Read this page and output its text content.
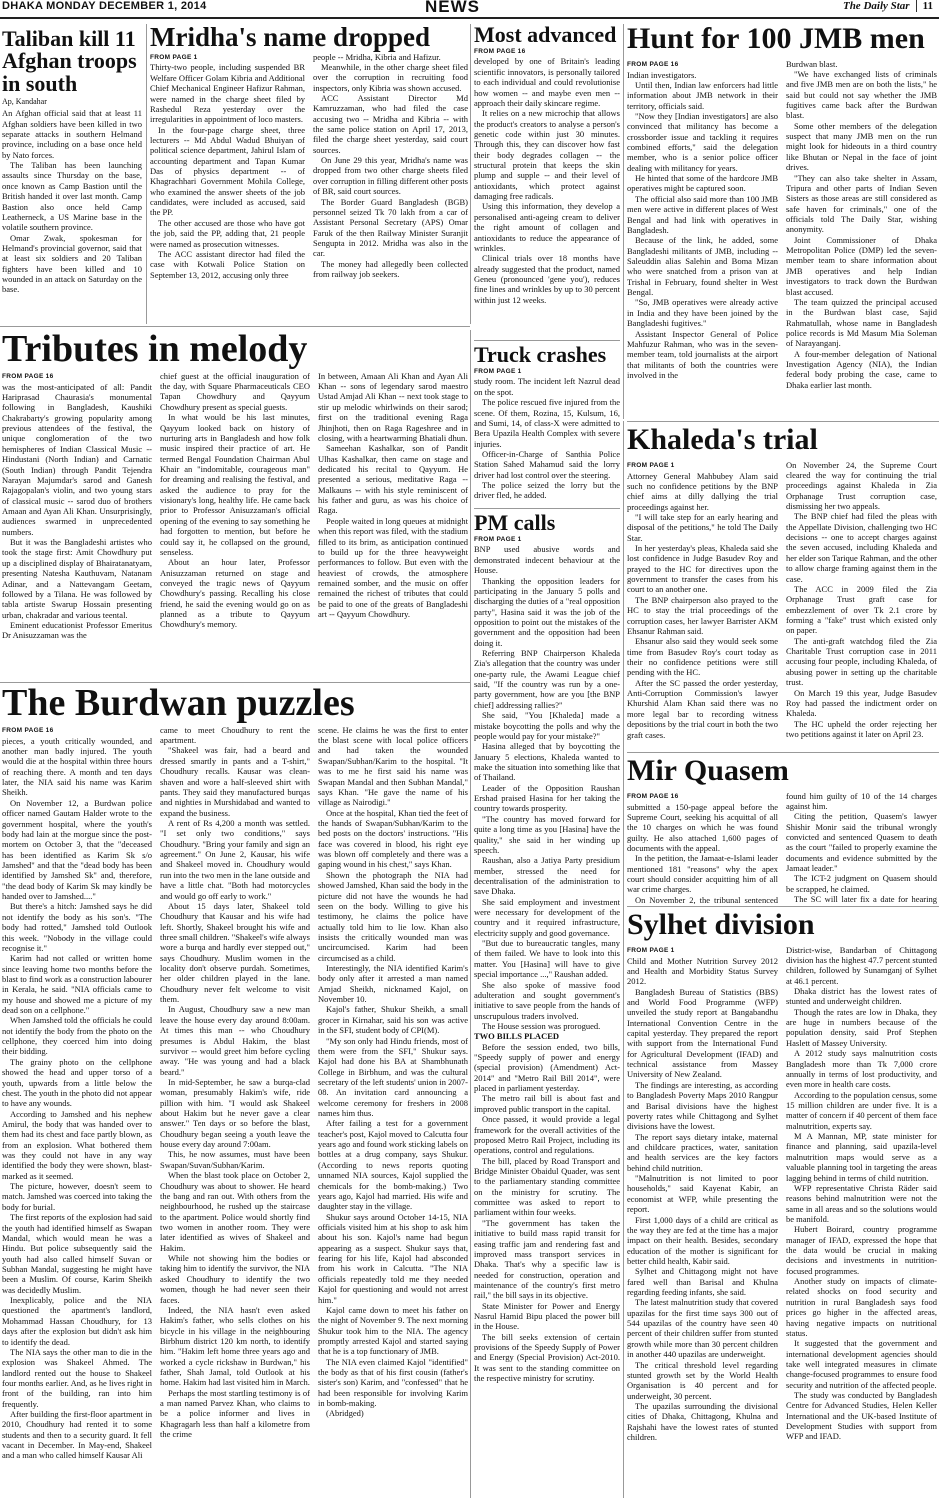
DHAKA MONDAY DECEMBER 1, 2014	NEWS	The Daily Star 11
Taliban kill 11 Afghan troops in south
Ap, Kandahar

An Afghan official said that at least 11 Afghan soldiers have been killed in two separate attacks in southern Helmand province, including on a base once held by Nato forces.

The Taliban has been launching assaults since Thursday on the base, once known as Camp Bastion until the British handed it over last month. Camp Bastion also once held Camp Leatherneck, a US Marine base in the volatile southern province.

Omar Zwak, spokesman for Helmand's provincial governor, said that at least six soldiers and 20 Taliban fighters have been killed and 10 wounded in an attack on Saturday on the base.

Mridha's name dropped
FROM PAGE 1

Thirty-two people, including suspended BR Welfare Officer Golam Kibria and Additional Chief Mechanical Engineer Hafizur Rahman, were named in the charge sheet filed by Rashedul Reza yesterday over the irregularities in appointment of loco masters.

In the four-page charge sheet, three lecturers -- Md Abdul Wadud Bhuiyan of political science department, Jahirul Islam of accounting department and Tapan Kumar Das of physics department -- of Khagrachhari Government Mohila College, who examined the answer sheets of the job candidates, were included as accused, said the PP.

The other accused are those who have got the job, said the PP, adding that, 21 people were named as prosecution witnesses.

The ACC assistant director had filed the case with Kotwali Police Station on September 13, 2012, accusing only three

people -- Mridha, Kibria and Hafizur.

Meanwhile, in the other charge sheet filed over the corruption in recruiting food inspectors, only Kibria was shown accused.

ACC Assistant Director Md Kamruzzaman, who had filed the case accusing two -- Mridha and Kibria -- with the same police station on April 17, 2013, filed the charge sheet yesterday, said court sources.

On June 29 this year, Mridha's name was dropped from two other charge sheets filed over corruption in filling different other posts of BR, said court sources.

The Border Guard Bangladesh (BGB) personnel seized Tk 70 lakh from a car of Assistant Personal Secretary (APS) Omar Faruk of the then Railway Minister Suranjit Sengupta in 2012. Mridha was also in the car.

The money had allegedly been collected from railway job seekers.

Most advanced
FROM PAGE 16

developed by one of Britain's leading scientific innovators, is personally tailored to each individual and could revolutionise how women -- and maybe even men -- approach their daily skincare regime.

It relies on a new microchip that allows the product's creators to analyse a person's genetic code within just 30 minutes. Through this, they can discover how fast their body degrades collagen -- the structural protein that keeps the skin plump and supple -- and their level of antioxidants, which protect against damaging free radicals.

Using this information, they develop a personalised anti-ageing cream to deliver the right amount of collagen and antioxidants to reduce the appearance of wrinkles.

Clinical trials over 18 months have already suggested that the product, named Geneu (pronounced 'gene you'), reduces fine lines and wrinkles by up to 30 percent within just 12 weeks.

Hunt for 100 JMB men
FROM PAGE 16

Indian investigators.

Until then, Indian law enforcers had little information about JMB network in their territory, officials said.

"Now they [Indian investigators] are also convinced that militancy has become a crossborder issue and tackling it requires combined efforts," said the delegation member, who is a senior police officer dealing with militancy for years.

He hinted that some of the hardcore JMB operatives might be captured soon.

The official also said more than 100 JMB men were active in different places of West Bengal and had link with operatives in Bangladesh.

Because of the link, he added, some Bangladeshi militants of JMB, including --Saleuddin alias Salehin and Boma Mizan who were snatched from a prison van at Trishal in February, found shelter in West Bengal.

"So, JMB operatives were already active in India and they have been joined by the Bangladeshi fugitives."

Assistant Inspector General of Police Mahfuzur Rahman, who was in the seven-member team, told journalists at the airport that militants of both the countries were involved in the

Burdwan blast.

"We have exchanged lists of criminals and five JMB men are on both the lists," he said but could not say whether the JMB fugitives came back after the Burdwan blast.

Some other members of the delegation suspect that many JMB men on the run might look for hideouts in a third country like Bhutan or Nepal in the face of joint drives.

"They can also take shelter in Assam, Tripura and other parts of Indian Seven Sisters as those areas are still considered as safe haven for criminals," one of the officials told The Daily Star, wishing anonymity.

Joint Commissioner of Dhaka Metropolitan Police (DMP) led the seven-member team to share information about JMB operatives and help Indian investigators to track down the Burdwan blast accused.

The team quizzed the principal accused in the Burdwan blast case, Sajid Rahmatullah, whose name in Bangladesh police records is Md Masum Mia Soleman of Narayanganj.

A four-member delegation of National Investigation Agency (NIA), the Indian federal body probing the case, came to Dhaka earlier last month.

Tributes in melody
FROM PAGE 16

was the most-anticipated of all: Pandit Hariprasad Chaurasia's monumental following in Bangladesh, Kaushiki Chakrabarty's growing popularity among previous attendees of the festival, the unique conglomeration of the two hemispheres of Indian Classical Music -- Hindustani (North Indian) and Carnatic (South Indian) through Pandit Tejendra Narayan Majumdar's sarod and Ganesh Rajagopalan's violin, and two young stars of classical music -- sarod duo of brothers Amaan and Ayan Ali Khan. Unsurprisingly, audiences swarmed in unprecedented numbers.

But it was the Bangladeshi artistes who took the stage first: Amit Chowdhury put up a disciplined display of Bhairatanatyam, presenting Natesha Kauthuvam, Natanam Adinar, and a Nattevangam Geetam, followed by a Tilana. He was followed by tabla artiste Swarup Hossain presenting urban, chakradar and various teental.

Eminent educationist Professor Emeritus Dr Anisuzzaman was the

chief guest at the official inauguration of the day, with Square Pharmaceuticals CEO Tapan Chowdhury and Qayyum Chowdhury present as special guests.

In what would be his last minutes, Qayyum looked back on history of nurturing arts in Bangladesh and how folk music inspired their practice of art. He termed Bengal Foundation Chairman Abul Khair an "indomitable, courageous man" for dreaming and realising the festival, and asked the audience to pray for the visionary's long, healthy life. He came back prior to Professor Anisuzzaman's official opening of the evening to say something he had forgotten to mention, but before he could say it, he collapsed on the ground, senseless.

About an hour later, Professor Anisuzzaman returned on stage and conveyed the tragic news of Qayyum Chowdhury's passing. Recalling his close friend, he said the evening would go on as planned as a tribute to Qayyum Chowdhury's memory.

In between, Amaan Ali Khan and Ayan Ali Khan -- sons of legendary sarod maestro Ustad Amjad Ali Khan -- next took stage to stir up melodic whirlwinds on their sarod; first on the traditional evening Raga Jhinjhoti, then on Raga Rageshree and in closing, with a heartwarming Bhatiali dhun.

Sameehan Kashalkar, son of Pandit Ulhas Kashalkar, then came on stage and dedicated his recital to Qayyum. He presented a serious, meditative Raga -- Malkauns -- with his style reminiscent of his father and guru, as was his choice of Raga.

People waited in long queues at midnight when this report was filed, with the stadium filled to its brim, as anticipation continued to build up for the three heavyweight performances to follow. But even with the heaviest of crowds, the atmosphere remained somber, and the music on offer remained the richest of tributes that could be paid to one of the greats of Bangladeshi art -- Qayyum Chowdhury.

Truck crashes
FROM PAGE 1

study room. The incident left Nazrul dead on the spot.

The police rescued five injured from the scene. Of them, Rozina, 15, Kulsum, 16, and Sumi, 14, of class-X were admitted to Bera Upazila Health Complex with severe injuries.

Officer-in-Charge of Santhia Police Station Sahed Mahamud said the lorry driver had lost control over the steering.

The police seized the lorry but the driver fled, he added.

PM calls
FROM PAGE 1

BNP used abusive words and demonstrated indecent behaviour at the House.

Thanking the opposition leaders for participating in the January 5 polls and discharging the duties of a "real opposition party", Hasina said it was the job of the opposition to point out the mistakes of the government and the opposition had been doing it.

Referring BNP Chairperson Khaleda Zia's allegation that the country was under one-party rule, the Awami League chief said, "If the country was run by a one-party government, how are you [the BNP chief] addressing rallies?"

She said, "You [Khaleda] made a mistake boycotting the polls and why the people would pay for your mistake?"

Hasina alleged that by boycotting the January 5 elections, Khaleda wanted to make the situation into something like that of Thailand.

Leader of the Opposition Raushan Ershad praised Hasina for her taking the country towards prosperity.

"The country has moved forward for quite a long time as you [Hasina] have the quality," she said in her winding up speech.

Raushan, also a Jatiya Party presidium member, stressed the need for decentralisation of the administration to save Dhaka.

She said employment and investment were necessary for development of the country and it required infrastructure, electricity supply and good governance.

"But due to bureaucratic tangles, many of them failed. We have to look into this matter. You [Hasina] will have to give special importance ...," Raushan added.

She also spoke of massive food adulteration and sought government's initiative to save people from the hands of unscrupulous traders involved.

The House session was prorogued.

TWO BILLS PLACED

Before the session ended, two bills, "Speedy supply of power and energy (special provision) (Amendment) Act-2014" and "Metro Rail Bill 2014", were placed in parliament yesterday.

The metro rail bill is about fast and improved public transport in the capital.

Once passed, it would provide a legal framework for the overall activities of the proposed Metro Rail Project, including its operations, control and regulations.

The bill, placed by Road Transport and Bridge Minister Obaidul Quader, was sent to the parliamentary standing committee on the ministry for scrutiny. The committee was asked to report to parliament within four weeks.

"The government has taken the initiative to build mass rapid transit for easing traffic jam and rendering fast and improved mass transport services in Dhaka. That's why a specific law is needed for construction, operation and maintenance of the country's first metro rail," the bill says in its objective.

State Minister for Power and Energy Nasrul Hamid Bipu placed the power bill in the House.

The bill seeks extension of certain provisions of the Speedy Supply of Power and Energy (Special Provision) Act-2010. It was sent to the standing committee on the respective ministry for scrutiny.

Khaleda's trial
FROM PAGE 1

Attorney General Mahbubey Alam said such no confidence petitions by the BNP chief aims at dilly dallying the trial proceedings against her.

"I will take step for an early hearing and disposal of the petitions," he told The Daily Star.

In her yesterday's pleas, Khaleda said she lost confidence in Judge Basudev Roy and prayed to the HC for directives upon the government to transfer the cases from his court to an another one.

The BNP chairperson also prayed to the HC to stay the trial proceedings of the corruption cases, her lawyer Barrister AKM Ehsanur Rahman said.

Ehsanur also said they would seek some time from Basudev Roy's court today as their no confidence petitions were still pending with the HC.

After the SC passed the order yesterday, Anti-Corruption Commission's lawyer Khurshid Alam Khan said there was no more legal bar to recording witness depositions by the trial court in both the two graft cases.

On November 24, the Supreme Court cleared the way for continuing the trial proceedings against Khaleda in Zia Orphanage Trust corruption case, dismissing her two appeals.

The BNP chief had filed the pleas with the Appellate Division, challenging two HC decisions -- one to accept charges against the seven accused, including Khaleda and her elder son Tarique Rahman, and the other to allow charge framing against them in the case.

The ACC in 2009 filed the Zia Orphanage Trust graft case for embezzlement of over Tk 2.1 crore by forming a "fake" trust which existed only on paper.

The anti-graft watchdog filed the Zia Charitable Trust corruption case in 2011 accusing four people, including Khaleda, of abusing power in setting up the charitable trust.

On March 19 this year, Judge Basudev Roy had passed the indictment order on Khaleda.

The HC upheld the order rejecting her two petitions against it later on April 23.

The Burdwan puzzles
FROM PAGE 16

pieces, a youth critically wounded, and another man badly injured. The youth would die at the hospital within three hours of reaching there. A month and ten days later, the NIA said his name was Karim Sheikh.

On November 12, a Burdwan police officer named Gautam Halder wrote to the government hospital, where the youth's body had lain at the morgue since the post-mortem on October 3, that the "deceased has been identified as Karim Sk s/o Jamshed" and that the "dead body has been identified by Jamshed Sk" and, therefore, "the dead body of Karim Sk may kindly be handed over to Jamshed...."

But there's a hitch: Jamshed says he did not identify the body as his son's. "The body had rotted," Jamshed told Outlook this week. "Nobody in the village could recognise it."

Karim had not called or written home since leaving home two months before the blast to find work as a construction labourer in Kerala, he said. "NIA officials came to my house and showed me a picture of my dead son on a cellphone."

When Jamshed told the officials he could not identify the body from the photo on the cellphone, they coerced him into doing their bidding.

The grainy photo on the cellphone showed the head and upper torso of a youth, upwards from a little below the chest. The youth in the photo did not appear to have any wounds.

According to Jamshed and his nephew Amirul, the body that was handed over to them had its chest and face partly blown, as from an explosion. What bothered them was they could not have in any way identified the body they were shown, blast-marked as it seemed.

The picture, however, doesn't seem to match. Jamshed was coerced into taking the body for burial.

The first reports of the explosion had said the youth had identified himself as Swapan Mandal, which would mean he was a Hindu. But police subsequently said the youth had also called himself Suvan or Subhan Mandal, suggesting he might have been a Muslim. Of course, Karim Sheikh was decidedly Muslim.

Inexplicably, police and the NIA questioned the apartment's landlord, Mohammad Hassan Choudhury, for 13 days after the explosion but didn't ask him to identify the dead.

The NIA says the other man to die in the explosion was Shakeel Ahmed. The landlord rented out the house to Shakeel four months earlier. And, as he lives right in front of the building, ran into him frequently.

After building the first-floor apartment in 2010, Choudhury had rented it to some students and then to a security guard. It fell vacant in December. In May-end, Shakeel and a man who called himself Kausar Ali

came to meet Choudhury to rent the apartment.

"Shakeel was fair, had a beard and dressed smartly in pants and a T-shirt," Choudhury recalls. Kausar was clean-shaven and wore a half-sleeved shirt with pants. They said they manufactured burqas and nighties in Murshidabad and wanted to expand the business.

A rent of Rs 4,200 a month was settled. "I set only two conditions," says Choudhury. "Bring your family and sign an agreement." On June 2, Kausar, his wife and Shakeel moved in. Choudhury would run into the two men in the lane outside and have a little chat. "Both had motorcycles and would go off early to work."

About 15 days later, Shakeel told Choudhury that Kausar and his wife had left. Shortly, Shakeel brought his wife and three small children. "Shakeel's wife always wore a burqa and hardly ever stepped out," says Choudhury. Muslim women in the locality don't observe purdah. Sometimes, her older children played in the lane. Choudhury never felt welcome to visit them.

In August, Choudhury saw a new man leave the house every day around 8:00am. At times this man -- who Choudhury presumes is Abdul Hakim, the blast survivor -- would greet him before cycling away. "He was young and had a black beard."

In mid-September, he saw a burqa-clad woman, presumably Hakim's wife, ride pillion with him. "I would ask Shakeel about Hakim but he never gave a clear answer." Ten days or so before the blast, Choudhury began seeing a youth leave the house every day around 7:00am.

This, he now assumes, must have been Swapan/Suvan/Subhan/Karim.

When the blast took place on October 2, Choudhury was about to shower. He heard the bang and ran out. With others from the neighbourhood, he rushed up the staircase to the apartment. Police would shortly find two women in another room. They were later identified as wives of Shakeel and Hakim.

While not showing him the bodies or taking him to identify the survivor, the NIA asked Choudhury to identify the two women, though he had never seen their faces.

Indeed, the NIA hasn't even asked Hakim's father, who sells clothes on his bicycle in his village in the neighbouring Birbhum district 120 km north, to identify him. "Hakim left home three years ago and worked a cycle rickshaw in Burdwan," his father, Shah Jamal, told Outlook at his home. Hakim had last visited him in March.

Perhaps the most startling testimony is of a man named Parvez Khan, who claims to be a police informer and lives in Khagragarh less than half a kilometre from the crime

scene. He claims he was the first to enter the blast scene with local police officers and had taken the wounded Swapan/Subhan/Karim to the hospital. "It was to me he first said his name was Swapan Mandal and then Subhan Mandal," says Khan. "He gave the name of his village as Nairodigi."

Once at the hospital, Khan tied the feet of the hands of Swapan/Subhan/Karim to the bed posts on the doctors' instructions. "His face was covered in blood, his right eye was blown off completely and there was a gaping wound in his chest," says Khan.

Shown the photograph the NIA had showed Jamshed, Khan said the body in the picture did not have the wounds he had seen on the body. Willing to give his testimony, he claims the police have actually told him to lie low. Khan also insists the critically wounded man was uncircumcised. Karim had been circumcised as a child.

Interestingly, the NIA identified Karim's body only after it arrested a man named Amjad Sheikh, nicknamed Kajol, on November 10.

Kajol's father, Shukur Sheikh, a small grocer in Kirnahar, said his son was active in the SFI, student body of CPI(M).

"My son only had Hindu friends, most of them were from the SFI," Shukur says. Kajol had done his BA at Shambhunath College in Birbhum, and was the cultural secretary of the left students' union in 2007-08. An invitation card announcing a welcome ceremony for freshers in 2008 names him thus.

After failing a test for a government teacher's post, Kajol moved to Calcutta four years ago and found work sticking labels on bottles at a drug company, says Shukur. (According to news reports quoting unnamed NIA sources, Kajol supplied the chemicals for the bomb-making.) Two years ago, Kajol had married. His wife and daughter stay in the village.

Shukur says around October 14-15, NIA officials visited him at his shop to ask him about his son. Kajol's name had begun appearing as a suspect. Shukur says that, fearing for his life, Kajol had absconded from his work in Calcutta. "The NIA officials repeatedly told me they needed Kajol for questioning and would not arrest him."

Kajol came down to meet his father on the night of November 9. The next morning Shukur took him to the NIA. The agency promptly arrested Kajol and started saying that he is a top functionary of JMB.

The NIA even claimed Kajol "identified" the body as that of his first cousin (father's sister's son) Karim, and "confessed" that he had been responsible for involving Karim in bomb-making.

(Abridged)

Mir Quasem
FROM PAGE 16

submitted a 150-page appeal before the Supreme Court, seeking his acquittal of all the 10 charges on which he was found guilty. He also attached 1,600 pages of documents with the appeal.

In the petition, the Jamaat-e-Islami leader mentioned 181 "reasons" why the apex court should consider acquitting him of all war crime charges.

On November 2, the tribunal sentenced

found him guilty of 10 of the 14 charges against him.

Citing the petition, Quasem's lawyer Shishir Monir said the tribunal wrongly convicted and sentenced Quasem to death as the court "failed to properly examine the documents and evidence submitted by the Jamaat leader."

The ICT-2 judgment on Quasem should be scrapped, he claimed.

The SC will later fix a date for hearing

Sylhet division
FROM PAGE 1

Child and Mother Nutrition Survey 2012 and Health and Morbidity Status Survey 2012.

Bangladesh Bureau of Statistics (BBS) and World Food Programme (WFP) unveiled the study report at Bangabandhu International Convention Centre in the capital yesterday. They prepared the report with support from the International Fund for Agricultural Development (IFAD) and technical assistance from Massey University of New Zealand.

The findings are interesting, as according to Bangladesh Poverty Maps 2010 Rangpur and Barisal divisions have the highest poverty rates while Chittagong and Sylhet divisions have the lowest.

The report says dietary intake, maternal and childcare practices, water, sanitation and health services are the key factors behind child nutrition.

"Malnutrition is not limited to poor households," said Kayenat Kabir, an economist at WFP, while presenting the report.

First 1,000 days of a child are critical as the way they are fed at the time has a major impact on their health. Besides, secondary education of the mother is significant for better child health, Kabir said.

Sylhet and Chittagong might not have fared well than Barisal and Khulna regarding feeding infants, she said.

The latest malnutrition study that covered upazilas for the first time says 300 out of 544 upazilas of the country have seen 40 percent of their children suffer from stunted growth while more than 30 percent children in another 440 upazilas are underweight.

The critical threshold level regarding stunted growth set by the World Health Organisation is 40 percent and for underweight, 30 percent.

The upazilas surrounding the divisional cities of Dhaka, Chittagong, Khulna and Rajshahi have the lowest rates of stunted children.

District-wise, Bandarban of Chittagong division has the highest 47.7 percent stunted children, followed by Sunamganj of Sylhet at 46.1 percent.

Dhaka district has the lowest rates of stunted and underweight children.

Though the rates are low in Dhaka, they are huge in numbers because of the population density, said Prof Stephen Haslett of Massey University.

A 2012 study says malnutrition costs Bangladesh more than Tk 7,000 crore annually in terms of lost productivity, and even more in health care costs.

According to the population census, some 15 million children are under five. It is a matter of concern if 40 percent of them face malnutrition, experts say.

M A Mannan, MP, state minister for finance and planning, said upazila-level malnutrition maps would serve as a valuable planning tool in targeting the areas lagging behind in terms of child nutrition.

WFP representative Christa Räder said reasons behind malnutrition were not the same in all areas and so the solutions would be manifold.

Hubert Boirard, country programme manager of IFAD, expressed the hope that the data would be crucial in making decisions and investments in nutrition-focused programmes.

Another study on impacts of climate-related shocks on food security and nutrition in rural Bangladesh says food prices go higher in the affected areas, having negative impacts on nutritional status.

It suggested that the government and international development agencies should take well integrated measures in climate change-focused programmes to ensure food security and nutrition of the affected people.

The study was conducted by Bangladesh Centre for Advanced Studies, Helen Keller International and the UK-based Institute of Development Studies with support from WFP and IFAD.
